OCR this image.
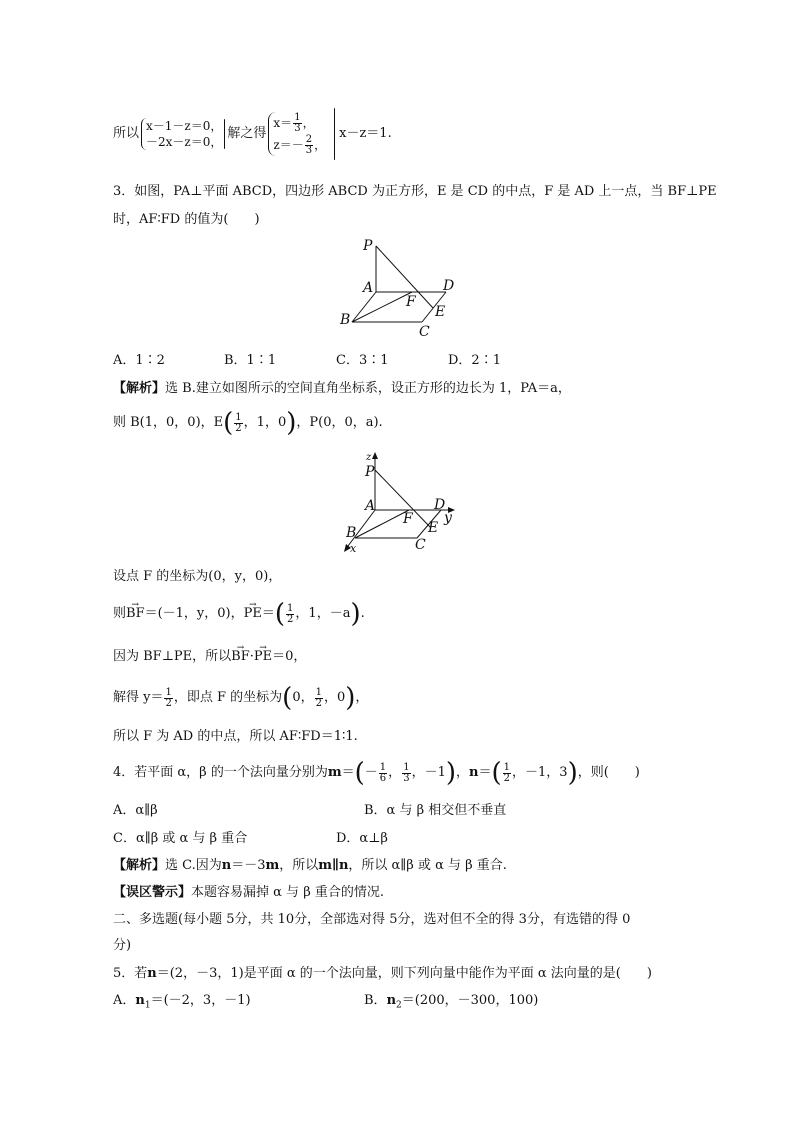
所以 x－1－z＝0，
－2x－z＝0，
解之得
$x= \frac{1}{3}$ ，
$z=- \frac{2}{3}$ ，
x－z＝1.
3．如图，PA⊥平面 ABCD，四边形 ABCD 为正方形，E 是 CD 的中点，F 是 AD 上一点，当 BF⊥PE
时，AF∶FD 的值为(　　)
P
A	D
F
E
B
C
A．1∶2	B．1∶1	C．3∶1	D．2∶1
【解析】选 B.建立如图所示的空间直角坐标系，设正方形的边长为 1，PA＝a，
则 B(1，0，0)，E ( $\frac{1}{2}$ ，1，0 ) ，P(0，0，a).
z
P
A	D
y
F
E
B
C
x
设点 F 的坐标为(0，y，0)，
则 → BF ＝(－1，y，0)， → PE ＝ ( $\frac{1}{2}$ ，1，－a ) .
因为 BF⊥PE，所以→ BF·→ PE＝0，
解得 $y= \frac{1}{2}$ ，即点 F 的坐标为 ( 0， $\frac{1}{2}$ ，0 ) ，
所以 F 为 AD 的中点，所以 AF∶FD＝1∶1.
4．若平面 α，β 的一个法向量分别为 m ＝ ( － $\frac{1}{6}$ ， $\frac{1}{3}$ ，－1 ) ， n ＝ ( $\frac{1}{2}$ ，－1，3 ) ，则(　　)
A．α∥β	B．α 与 β 相交但不垂直
C．α∥β 或 α 与 β 重合	D．α⊥β
【解析】选 C.因为n＝－3m，所以m∥n，所以 α∥β 或 α 与 β 重合.
【误区警示】本题容易漏掉 α 与 β 重合的情况.
二、多选题(每小题 5分，共 10分，全部选对得 5分，选对但不全的得 3分，有选错的得 0
分)
5．若n＝(2，－3，1)是平面 α 的一个法向量，则下列向量中能作为平面 α 法向量的是(　　)
A．$n_1=(-2$，3，－1)	B．$n_2=(200$，－300，100)
